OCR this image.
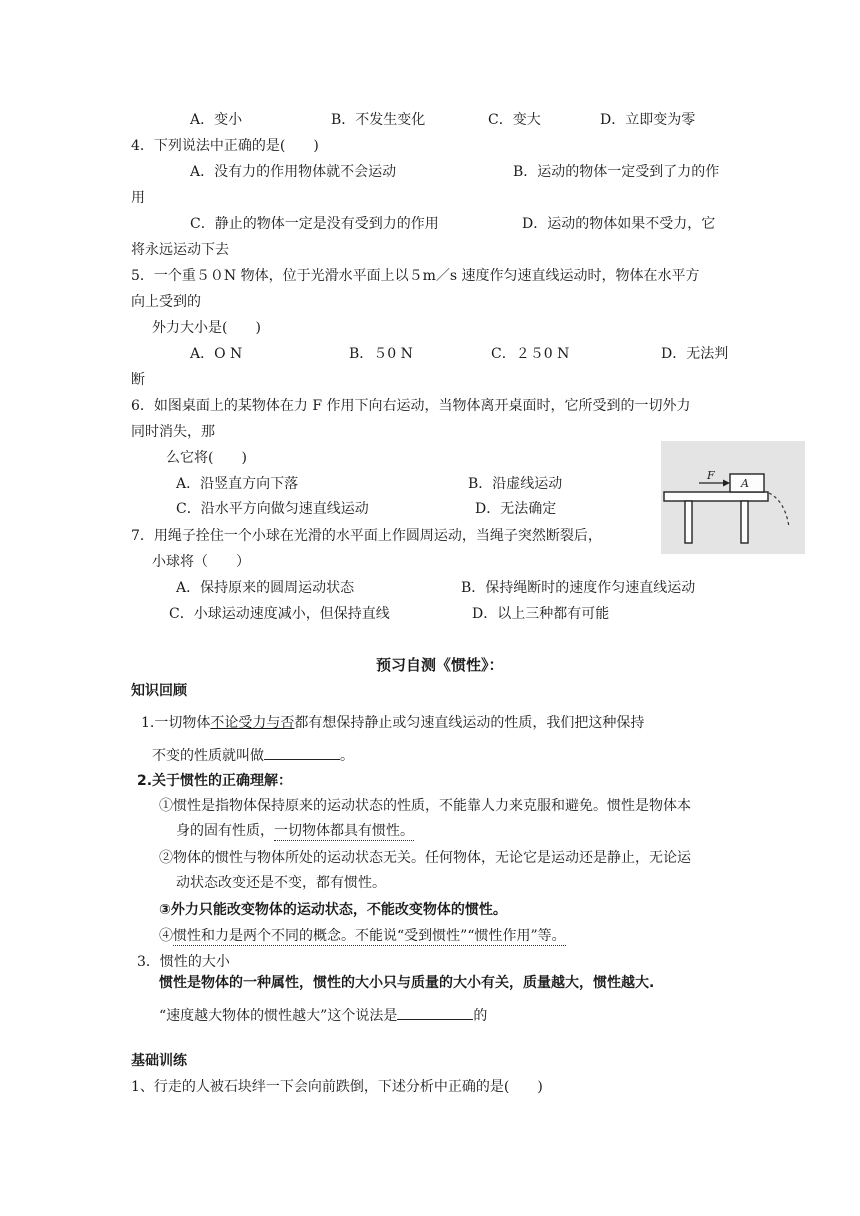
A．变小	B．不发生变化	C．变大	D．立即变为零
4．下列说法中正确的是(　　)
A．没有力的作用物体就不会运动	B．运动的物体一定受到了力的作
用
C．静止的物体一定是没有受到力的作用	D．运动的物体如果不受力，它
将永远运动下去
5．一个重５０N 物体，位于光滑水平面上以５m／s 速度作匀速直线运动时，物体在水平方
向上受到的
外力大小是(　　)
A．O N	B．５0 N	C．２５0 N	D．无法判
断
6．如图桌面上的某物体在力 F 作用下向右运动，当物体离开桌面时，它所受到的一切外力
同时消失，那
么它将(　　)
A．沿竖直方向下落	B．沿虚线运动
C．沿水平方向做匀速直线运动	D．无法确定
F
A
7．用绳子拴住一个小球在光滑的水平面上作圆周运动，当绳子突然断裂后，
小球将（　　）
A．保持原来的圆周运动状态	B．保持绳断时的速度作匀速直线运动
C．小球运动速度减小，但保持直线	D．以上三种都有可能
预习自测《惯性》：
知识回顾
1.一切物体不论受力与否都有想保持静止或匀速直线运动的性质，我们把这种保持
不变的性质就叫做	。
2.关于惯性的正确理解：
①惯性是指物体保持原来的运动状态的性质，不能靠人力来克服和避免。惯性是物体本
身的固有性质，一切物体都具有惯性。
②物体的惯性与物体所处的运动状态无关。任何物体，无论它是运动还是静止，无论运
动状态改变还是不变，都有惯性。
③外力只能改变物体的运动状态，不能改变物体的惯性。
④惯性和力是两个不同的概念。不能说“受到惯性”“惯性作用”等。
3．惯性的大小
惯性是物体的一种属性，惯性的大小只与质量的大小有关，质量越大，惯性越大.
“速度越大物体的惯性越大”这个说法是	的
基础训练
1、行走的人被石块绊一下会向前跌倒，下述分析中正确的是(　　)
